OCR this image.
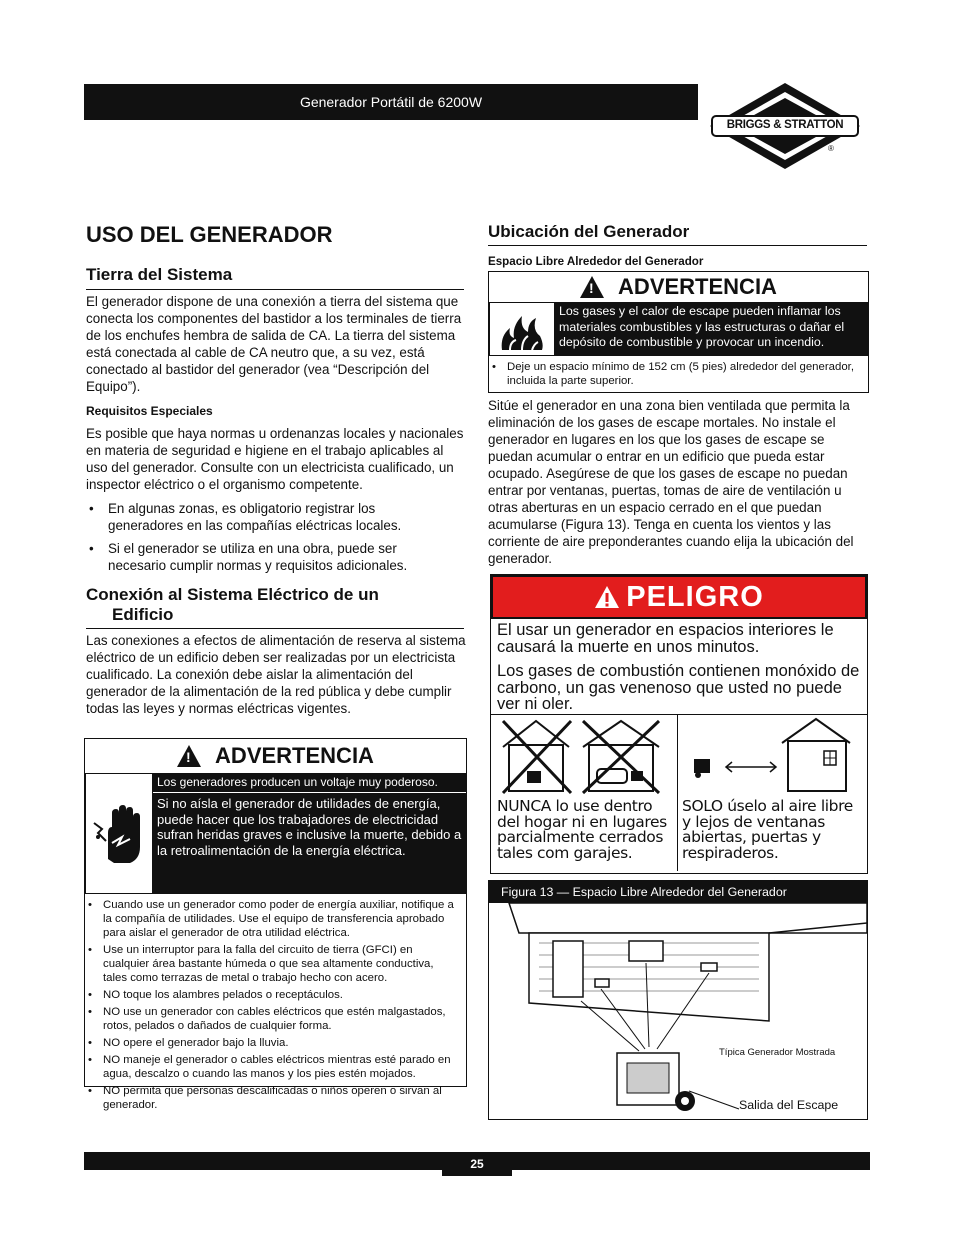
Generador Portátil de 6200W
BRIGGS & STRATTON
®
USO DEL GENERADOR
Tierra del Sistema

El generador dispone de una conexión a tierra del sistema que conecta los componentes del bastidor a los terminales de tierra de los enchufes hembra de salida de CA. La tierra del sistema está conectada al cable de CA neutro que, a su vez, está conectado al bastidor del generador (vea “Descripción del Equipo”).

Requisitos Especiales

Es posible que haya normas u ordenanzas locales y nacionales en materia de seguridad e higiene en el trabajo aplicables al uso del generador. Consulte con un electricista cualificado, un inspector eléctrico o el organismo competente.

• En algunas zonas, es obligatorio registrar los generadores en las compañías eléctricas locales.
• Si el generador se utiliza en una obra, puede ser necesario cumplir normas y requisitos adicionales.
Conexión al Sistema Eléctrico de un
Edificio

Las conexiones a efectos de alimentación de reserva al sistema eléctrico de un edificio deben ser realizadas por un electricista cualificado. La conexión debe aislar la alimentación del generador de la alimentación de la red pública y debe cumplir todas las leyes y normas eléctricas vigentes.

! ADVERTENCIA
Los generadores producen un voltaje muy poderoso.
Si no aísla el generador de utilidades de energía, puede hacer que los trabajadores de electricidad sufran heridas graves e inclusive la muerte, debido a la retroalimentación de la energía eléctrica.
• Cuando use un generador como poder de energía auxiliar, notifique a la compañía de utilidades. Use el equipo de transferencia aprobado para aislar el generador de otra utilidad eléctrica.
• Use un interruptor para la falla del circuito de tierra (GFCI) en cualquier área bastante húmeda o que sea altamente conductiva, tales como terrazas de metal o trabajo hecho con acero.
• NO toque los alambres pelados o receptáculos.
• NO use un generador con cables eléctricos que estén malgastados, rotos, pelados o dañados de cualquier forma.
• NO opere el generador bajo la lluvia.
• NO maneje el generador o cables eléctricos mientras esté parado en agua, descalzo o cuando las manos y los pies estén mojados.
• NO permita que personas descalificadas o niños operen o sirvan al generador.
Ubicación del Generador

Espacio Libre Alrededor del Generador

! ADVERTENCIA
Los gases y el calor de escape pueden inflamar los materiales combustibles y las estructuras o dañar el depósito de combustible y provocar un incendio.
• Deje un espacio mínimo de 152 cm (5 pies) alrededor del generador, incluida la parte superior.

Sitúe el generador en una zona bien ventilada que permita la eliminación de los gases de escape mortales. No instale el generador en lugares en los que los gases de escape se puedan acumular o entrar en un edificio que pueda estar ocupado. Asegúrese de que los gases de escape no puedan entrar por ventanas, puertas, tomas de aire de ventilación u otras aberturas en un espacio cerrado en el que puedan acumularse (Figura 13). Tenga en cuenta los vientos y las corriente de aire preponderantes cuando elija la ubicación del generador.

PELIGRO

El usar un generador en espacios interiores le causará la muerte en unos minutos.

Los gases de combustión contienen monóxido de carbono, un gas venenoso que usted no puede ver ni oler.

NUNCA lo use dentro del hogar ni en lugares parcialmente cerrados tales com garajes.
SOLO úselo al aire libre y lejos de ventanas abiertas, puertas y respiraderos.
Figura 13 — Espacio Libre Alrededor del Generador
Típica Generador Mostrada
Salida del Escape
25
